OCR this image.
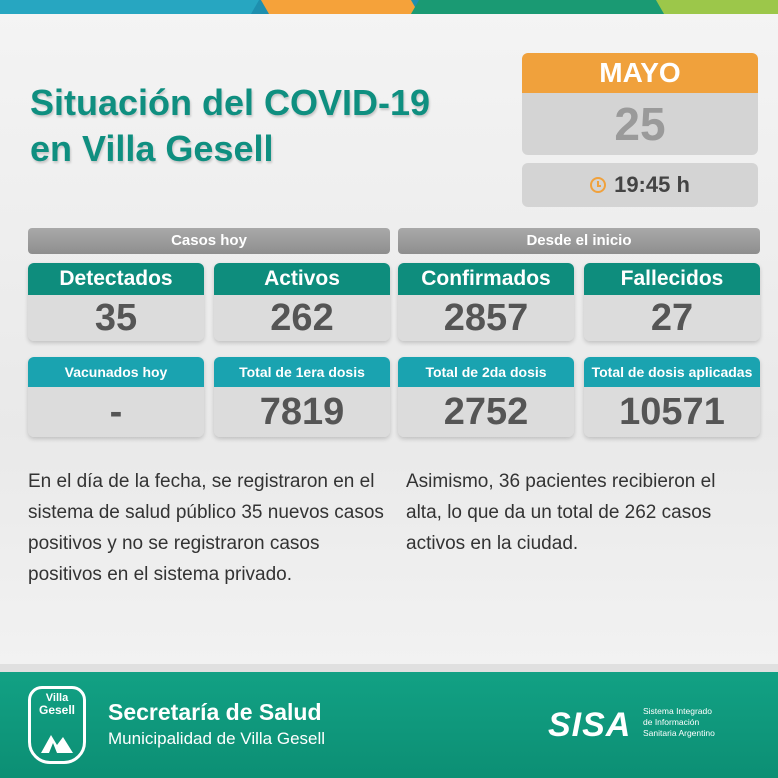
Situación del COVID-19
en Villa Gesell
MAYO
25
19:45 h
Casos hoy	Desde el inicio
Detectados
35
Activos
262
Confirmados
2857
Fallecidos
27
Vacunados hoy
-
Total de 1era dosis
7819
Total de 2da dosis
2752
Total de dosis aplicadas
10571

En el día de la fecha, se registraron en el sistema de salud público 35 nuevos casos positivos y no se registraron casos positivos en el sistema privado.

Asimismo, 36 pacientes recibieron el alta, lo que da un total de 262 casos activos en la ciudad.

Villa
Gesell	Secretaría de Salud
Municipalidad de Villa Gesell	SISA Sistema Integrado
de Información
Sanitaria Argentino
